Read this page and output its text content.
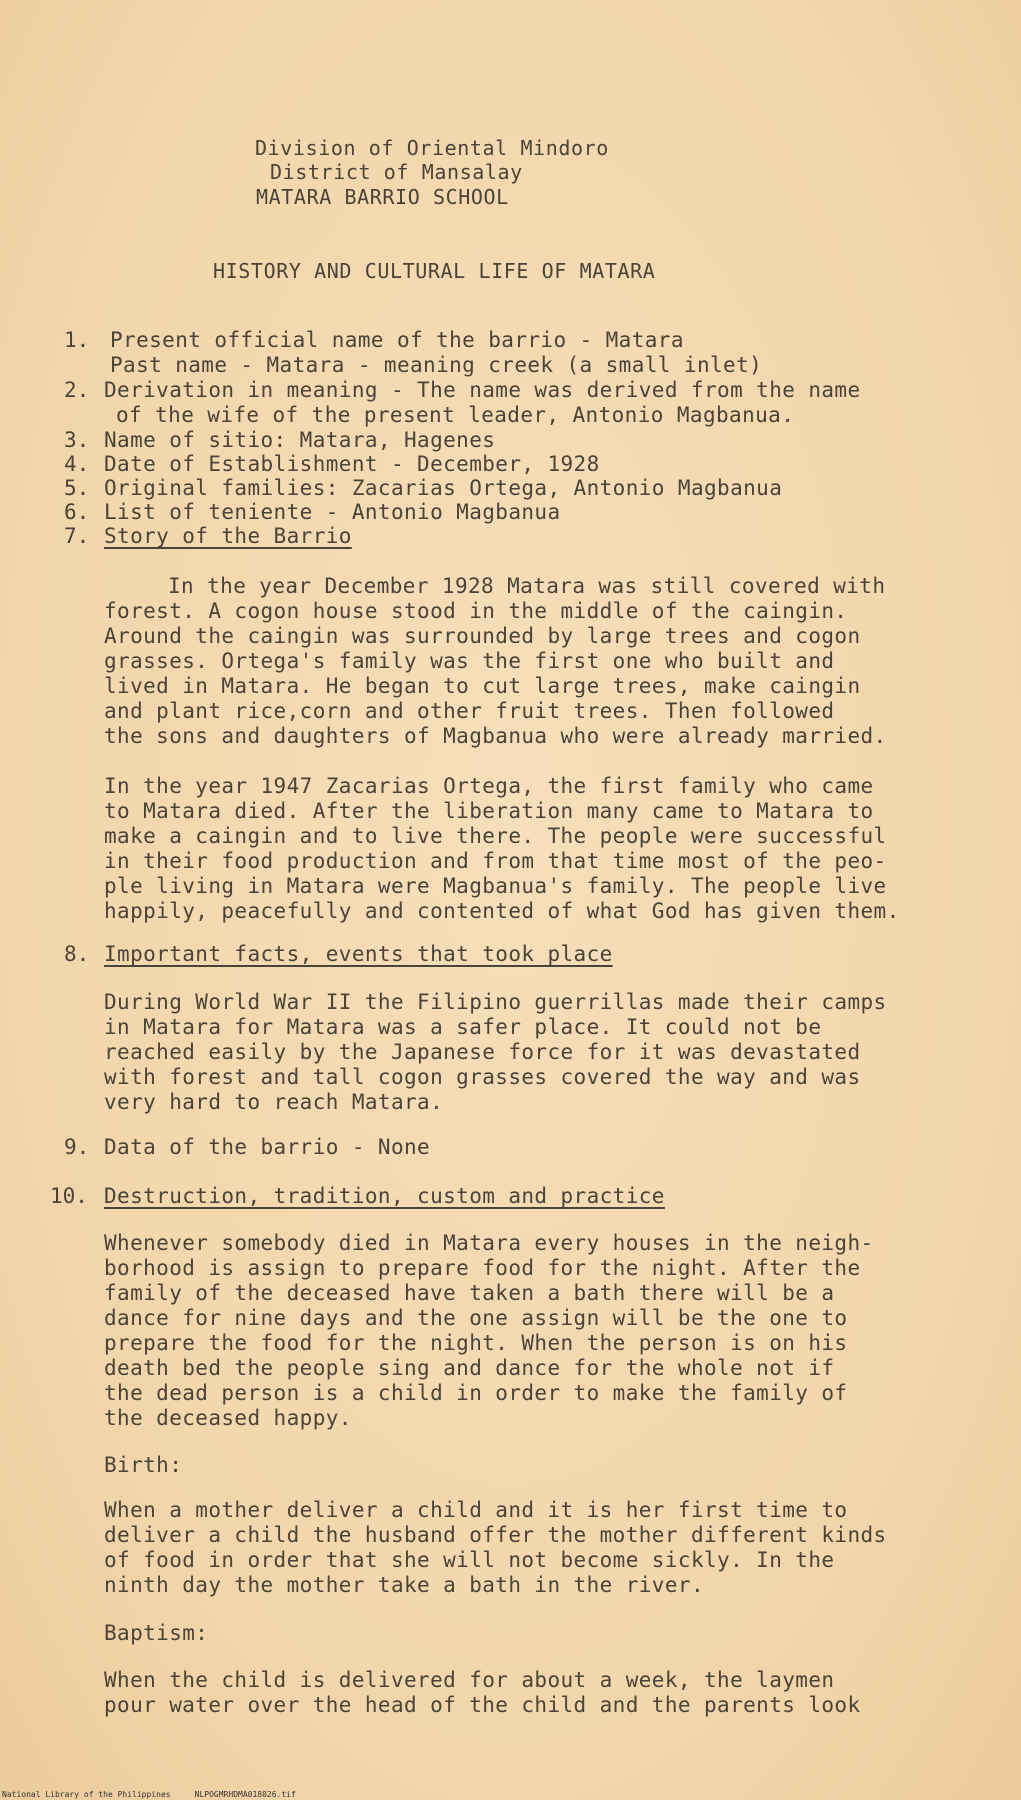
Division of Oriental Mindoro
District of Mansalay
MATARA BARRIO SCHOOL
HISTORY AND CULTURAL LIFE OF MATARA
1. Present official name of the barrio - Matara
Past name - Matara - meaning creek (a small inlet)
2. Derivation in meaning - The name was derived from the name
of the wife of the present leader, Antonio Magbanua.
3. Name of sitio: Matara, Hagenes
4. Date of Establishment - December, 1928
5. Original families: Zacarias Ortega, Antonio Magbanua
6. List of teniente - Antonio Magbanua
7. Story of the Barrio
In the year December 1928 Matara was still covered with
forest. A cogon house stood in the middle of the caingin.
Around the caingin was surrounded by large trees and cogon
grasses. Ortega's family was the first one who built and
lived in Matara. He began to cut large trees, make caingin
and plant rice,corn and other fruit trees. Then followed
the sons and daughters of Magbanua who were already married.
In the year 1947 Zacarias Ortega, the first family who came
to Matara died. After the liberation many came to Matara to
make a caingin and to live there. The people were successful
in their food production and from that time most of the peo-
ple living in Matara were Magbanua's family. The people live
happily, peacefully and contented of what God has given them.
8. Important facts, events that took place
During World War II the Filipino guerrillas made their camps
in Matara for Matara was a safer place. It could not be
reached easily by the Japanese force for it was devastated
with forest and tall cogon grasses covered the way and was
very hard to reach Matara.
9. Data of the barrio - None
10. Destruction, tradition, custom and practice
Whenever somebody died in Matara every houses in the neigh-
borhood is assign to prepare food for the night. After the
family of the deceased have taken a bath there will be a
dance for nine days and the one assign will be the one to
prepare the food for the night. When the person is on his
death bed the people sing and dance for the whole not if
the dead person is a child in order to make the family of
the deceased happy.
Birth:
When a mother deliver a child and it is her first time to
deliver a child the husband offer the mother different kinds
of food in order that she will not become sickly. In the
ninth day the mother take a bath in the river.
Baptism:
When the child is delivered for about a week, the laymen
pour water over the head of the child and the parents look
National Library of the Philippines     NLPOGMRHDMA018026.tif
